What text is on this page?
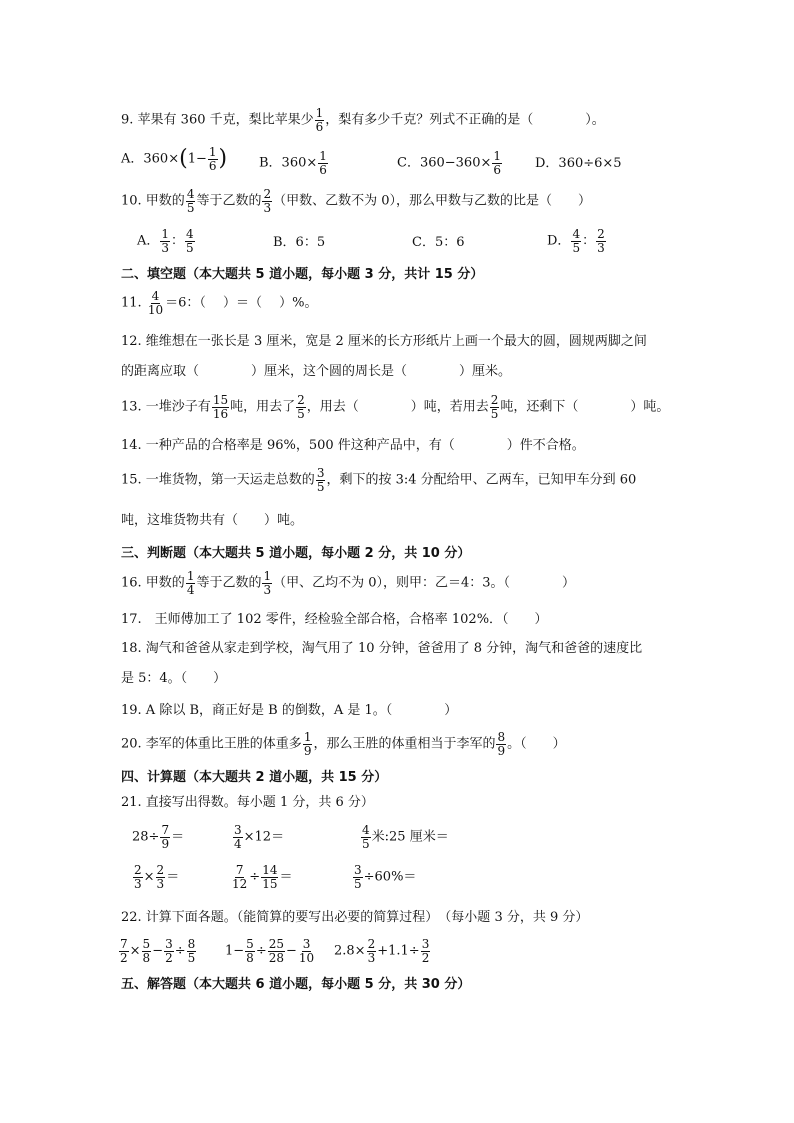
9. 苹果有 360 千克，梨比苹果少 $\frac{1}{6}$ ，梨有多少千克？列式不正确的是（　　　　）。
A．$360\times(1- \frac{1}{6}$ ) B．$360\times \frac{1}{6}$	C．$360-360\times \frac{1}{6}$	D．360÷6×5
10. 甲数的 $\frac{4}{5}$ 等于乙数的 $\frac{2}{3}$ （甲数、乙数不为 0），那么甲数与乙数的比是（　　）
A． $\frac{1}{3}$ ： $\frac{4}{5}$	B．6：5	C．5：6	D． $\frac{4}{5}$ ： $\frac{2}{3}$
二、填空题（本大题共 5 道小题，每小题 3 分，共计 15 分）
11. $\frac{4}{10} =6$：（　 ）＝（　 ）%。
12. 维维想在一张长是 3 厘米，宽是 2 厘米的长方形纸片上画一个最大的圆，圆规两脚之间
的距离应取（　　　　）厘米，这个圆的周长是（　　　　）厘米。
13. 一堆沙子有 $\frac{15}{16}$ 吨，用去了 $\frac{2}{5}$ ，用去（　　　　）吨，若用去 $\frac{2}{5}$ 吨，还剩下（　　　　）吨。
14. 一种产品的合格率是 96%，500 件这种产品中，有（　　　　）件不合格。
15. 一堆货物，第一天运走总数的 $\frac{3}{5}$ ，剩下的按 3:4 分配给甲、乙两车，已知甲车分到 60
吨，这堆货物共有（　　）吨。
三、判断题（本大题共 5 道小题，每小题 2 分，共 10 分）
16. 甲数的 $\frac{1}{4}$ 等于乙数的 $\frac{1}{3}$ （甲、乙均不为 0），则甲：乙＝4：3。（　　　　）
17.　王师傅加工了 102 零件，经检验全部合格，合格率 102%．（　　）
18. 淘气和爸爸从家走到学校，淘气用了 10 分钟，爸爸用了 8 分钟，淘气和爸爸的速度比
是 5：4。（　　）
19. A 除以 B，商正好是 B 的倒数，A 是 1。（　　　　）
20. 李军的体重比王胜的体重多 $\frac{1}{9}$ ，那么王胜的体重相当于李军的 $\frac{8}{9}$ 。（　　）
四、计算题（本大题共 2 道小题，共 15 分）
21. 直接写出得数。每小题 1 分，共 6 分）
$28\div \frac{7}{9}$ ＝	$\frac{3}{4} \times 12=$	$\frac{4}{5}$ 米:25 厘米＝
$\frac{2}{3} \times \frac{2}{3}$ ＝	$\frac{7}{12} \div \frac{14}{15}$ ＝	$\frac{3}{5} \div 60\%=$
22. 计算下面各题。（能简算的要写出必要的简算过程）　（每小题 3 分，共 9 分）
$\frac{7}{2} \times \frac{5}{8} - \frac{3}{2} \div \frac{8}{5} 1- \frac{5}{8} \div \frac{25}{28} - \frac{3}{10} 2.8\times \frac{2}{3} +1.1\div \frac{3}{2}$
五、解答题（本大题共 6 道小题，每小题 5 分，共 30 分）
